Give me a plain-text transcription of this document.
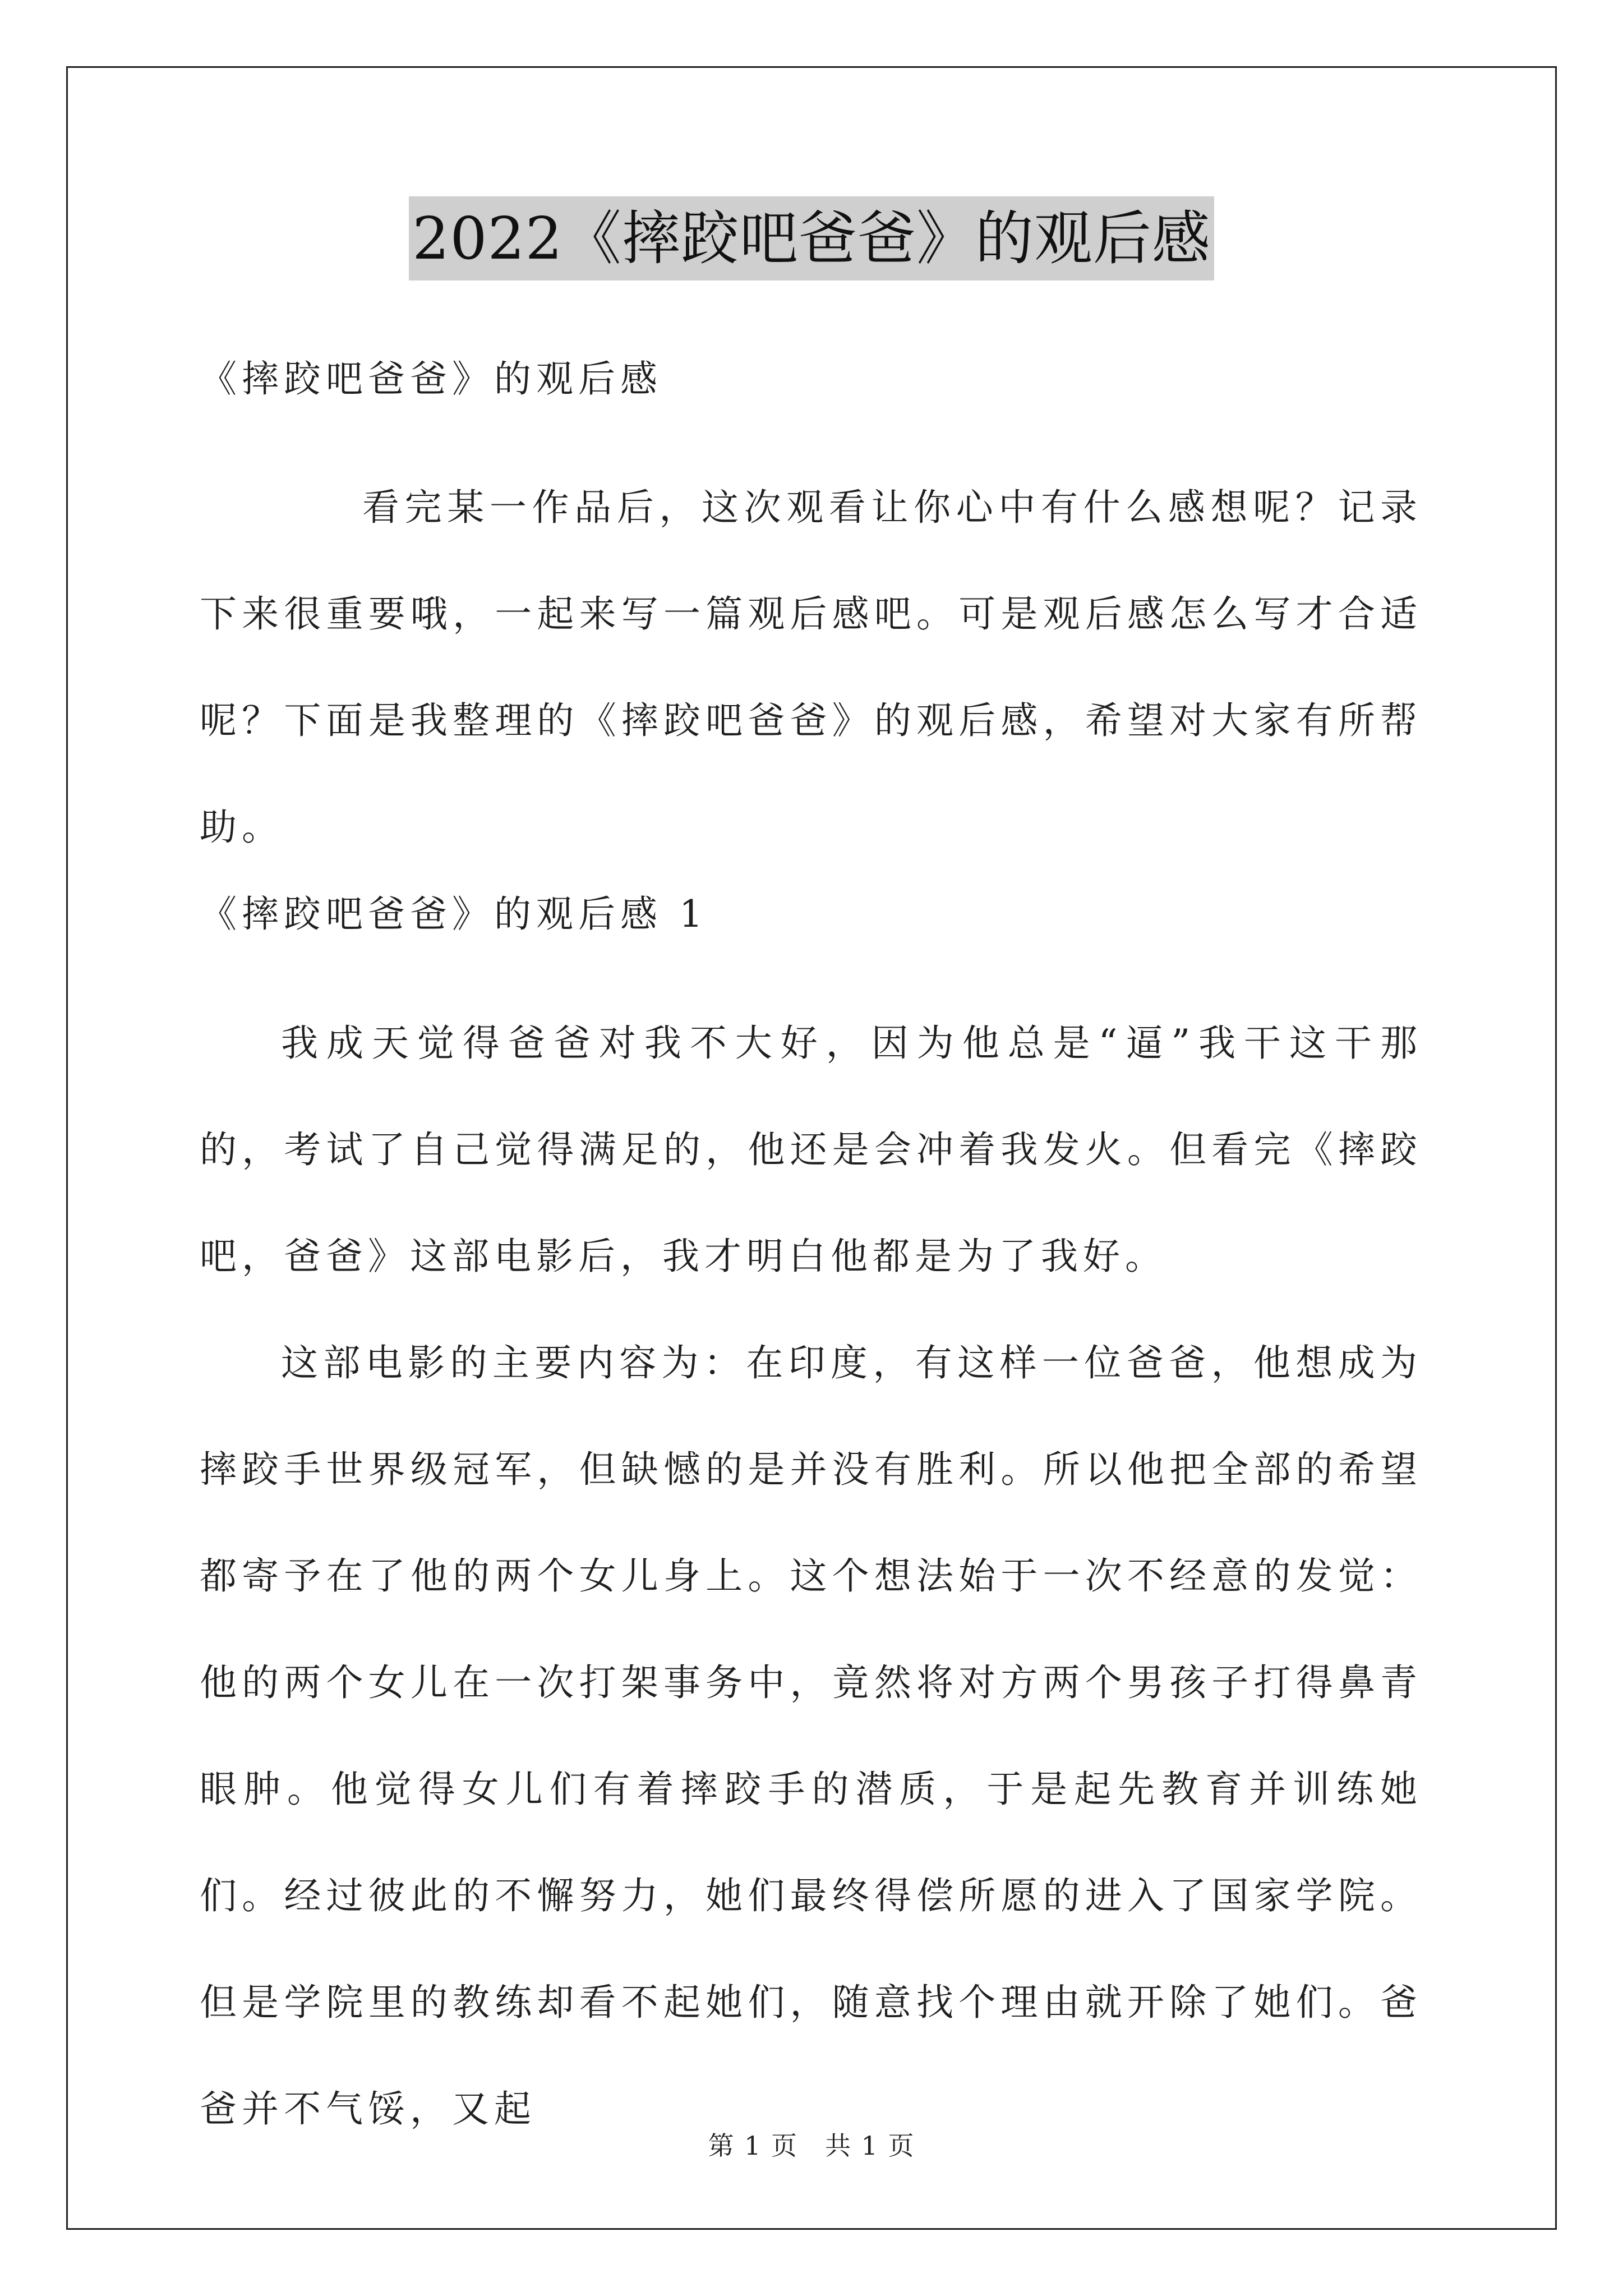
2022《摔跤吧爸爸》的观后感
《摔跤吧爸爸》的观后感
看完某一作品后，这次观看让你心中有什么感想呢？记录下来很重要哦，一起来写一篇观后感吧。可是观后感怎么写才合适呢？下面是我整理的《摔跤吧爸爸》的观后感，希望对大家有所帮助。
《摔跤吧爸爸》的观后感 1

我成天觉得爸爸对我不大好，因为他总是“逼”我干这干那的，考试了自己觉得满足的，他还是会冲着我发火。但看完《摔跤吧，爸爸》这部电影后，我才明白他都是为了我好。

这部电影的主要内容为：在印度，有这样一位爸爸，他想成为摔跤手世界级冠军，但缺憾的是并没有胜利。所以他把全部的希望都寄予在了他的两个女儿身上。这个想法始于一次不经意的发觉：他的两个女儿在一次打架事务中，竟然将对方两个男孩子打得鼻青眼肿。他觉得女儿们有着摔跤手的潜质，于是起先教育并训练她们。经过彼此的不懈努力，她们最终得偿所愿的进入了国家学院。但是学院里的教练却看不起她们，随意找个理由就开除了她们。爸爸并不气馁，又起

第 1 页 共 1 页
